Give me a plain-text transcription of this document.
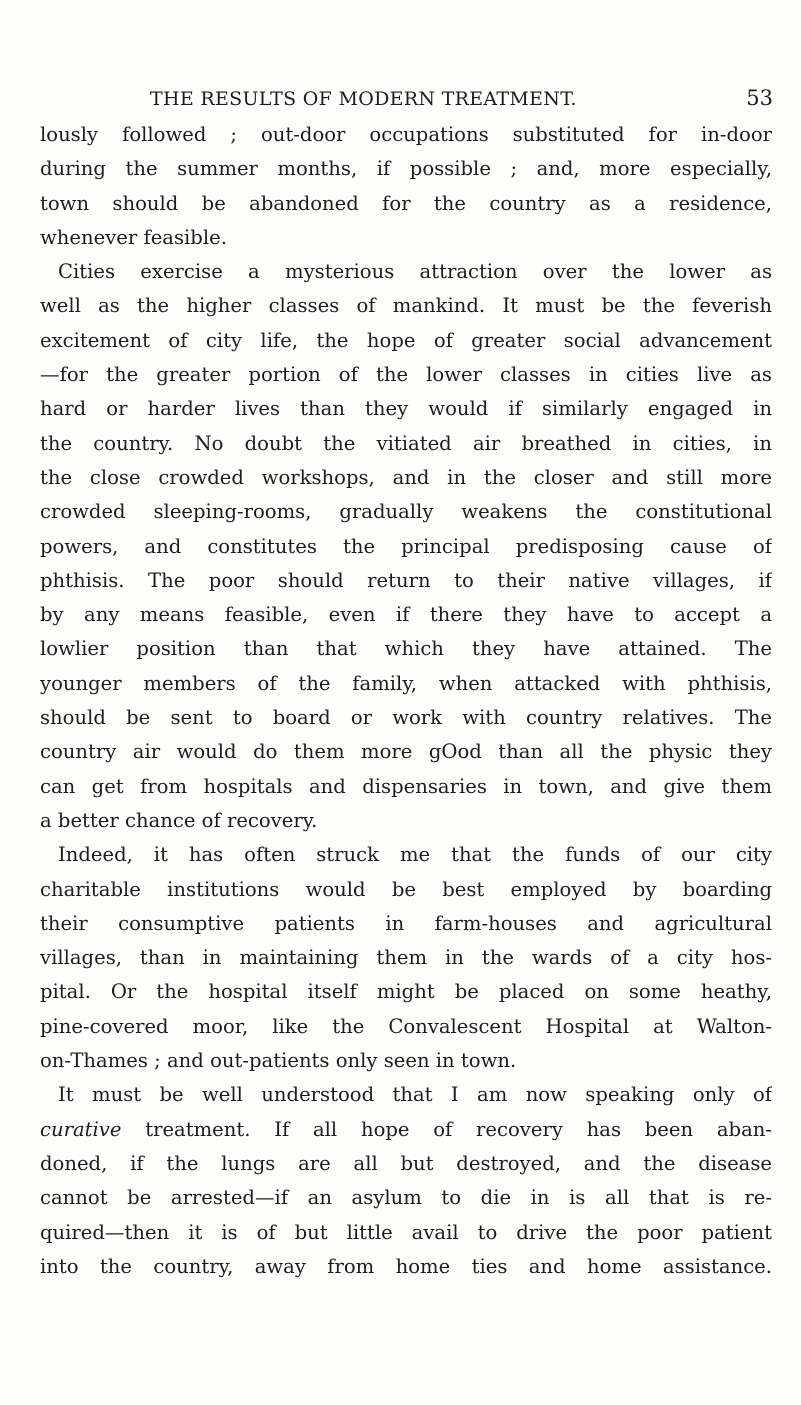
THE RESULTS OF MODERN TREATMENT.	53
lously followed ; out-door occupations substituted for in-door
during the summer months, if possible ; and, more especially,
town should be abandoned for the country as a residence,
whenever feasible.
Cities exercise a mysterious attraction over the lower as
well as the higher classes of mankind. It must be the feverish
excitement of city life, the hope of greater social advancement
—for the greater portion of the lower classes in cities live as
hard or harder lives than they would if similarly engaged in
the country. No doubt the vitiated air breathed in cities, in
the close crowded workshops, and in the closer and still more
crowded sleeping-rooms, gradually weakens the constitutional
powers, and constitutes the principal predisposing cause of
phthisis. The poor should return to their native villages, if
by any means feasible, even if there they have to accept a
lowlier position than that which they have attained. The
younger members of the family, when attacked with phthisis,
should be sent to board or work with country relatives. The
country air would do them more gOod than all the physic they
can get from hospitals and dispensaries in town, and give them
a better chance of recovery.
Indeed, it has often struck me that the funds of our city
charitable institutions would be best employed by boarding
their consumptive patients in farm-houses and agricultural
villages, than in maintaining them in the wards of a city hos-
pital. Or the hospital itself might be placed on some heathy,
pine-covered moor, like the Convalescent Hospital at Walton-
on-Thames ; and out-patients only seen in town.
It must be well understood that I am now speaking only of
curative treatment. If all hope of recovery has been aban-
doned, if the lungs are all but destroyed, and the disease
cannot be arrested—if an asylum to die in is all that is re-
quired—then it is of but little avail to drive the poor patient
into the country, away from home ties and home assistance.
